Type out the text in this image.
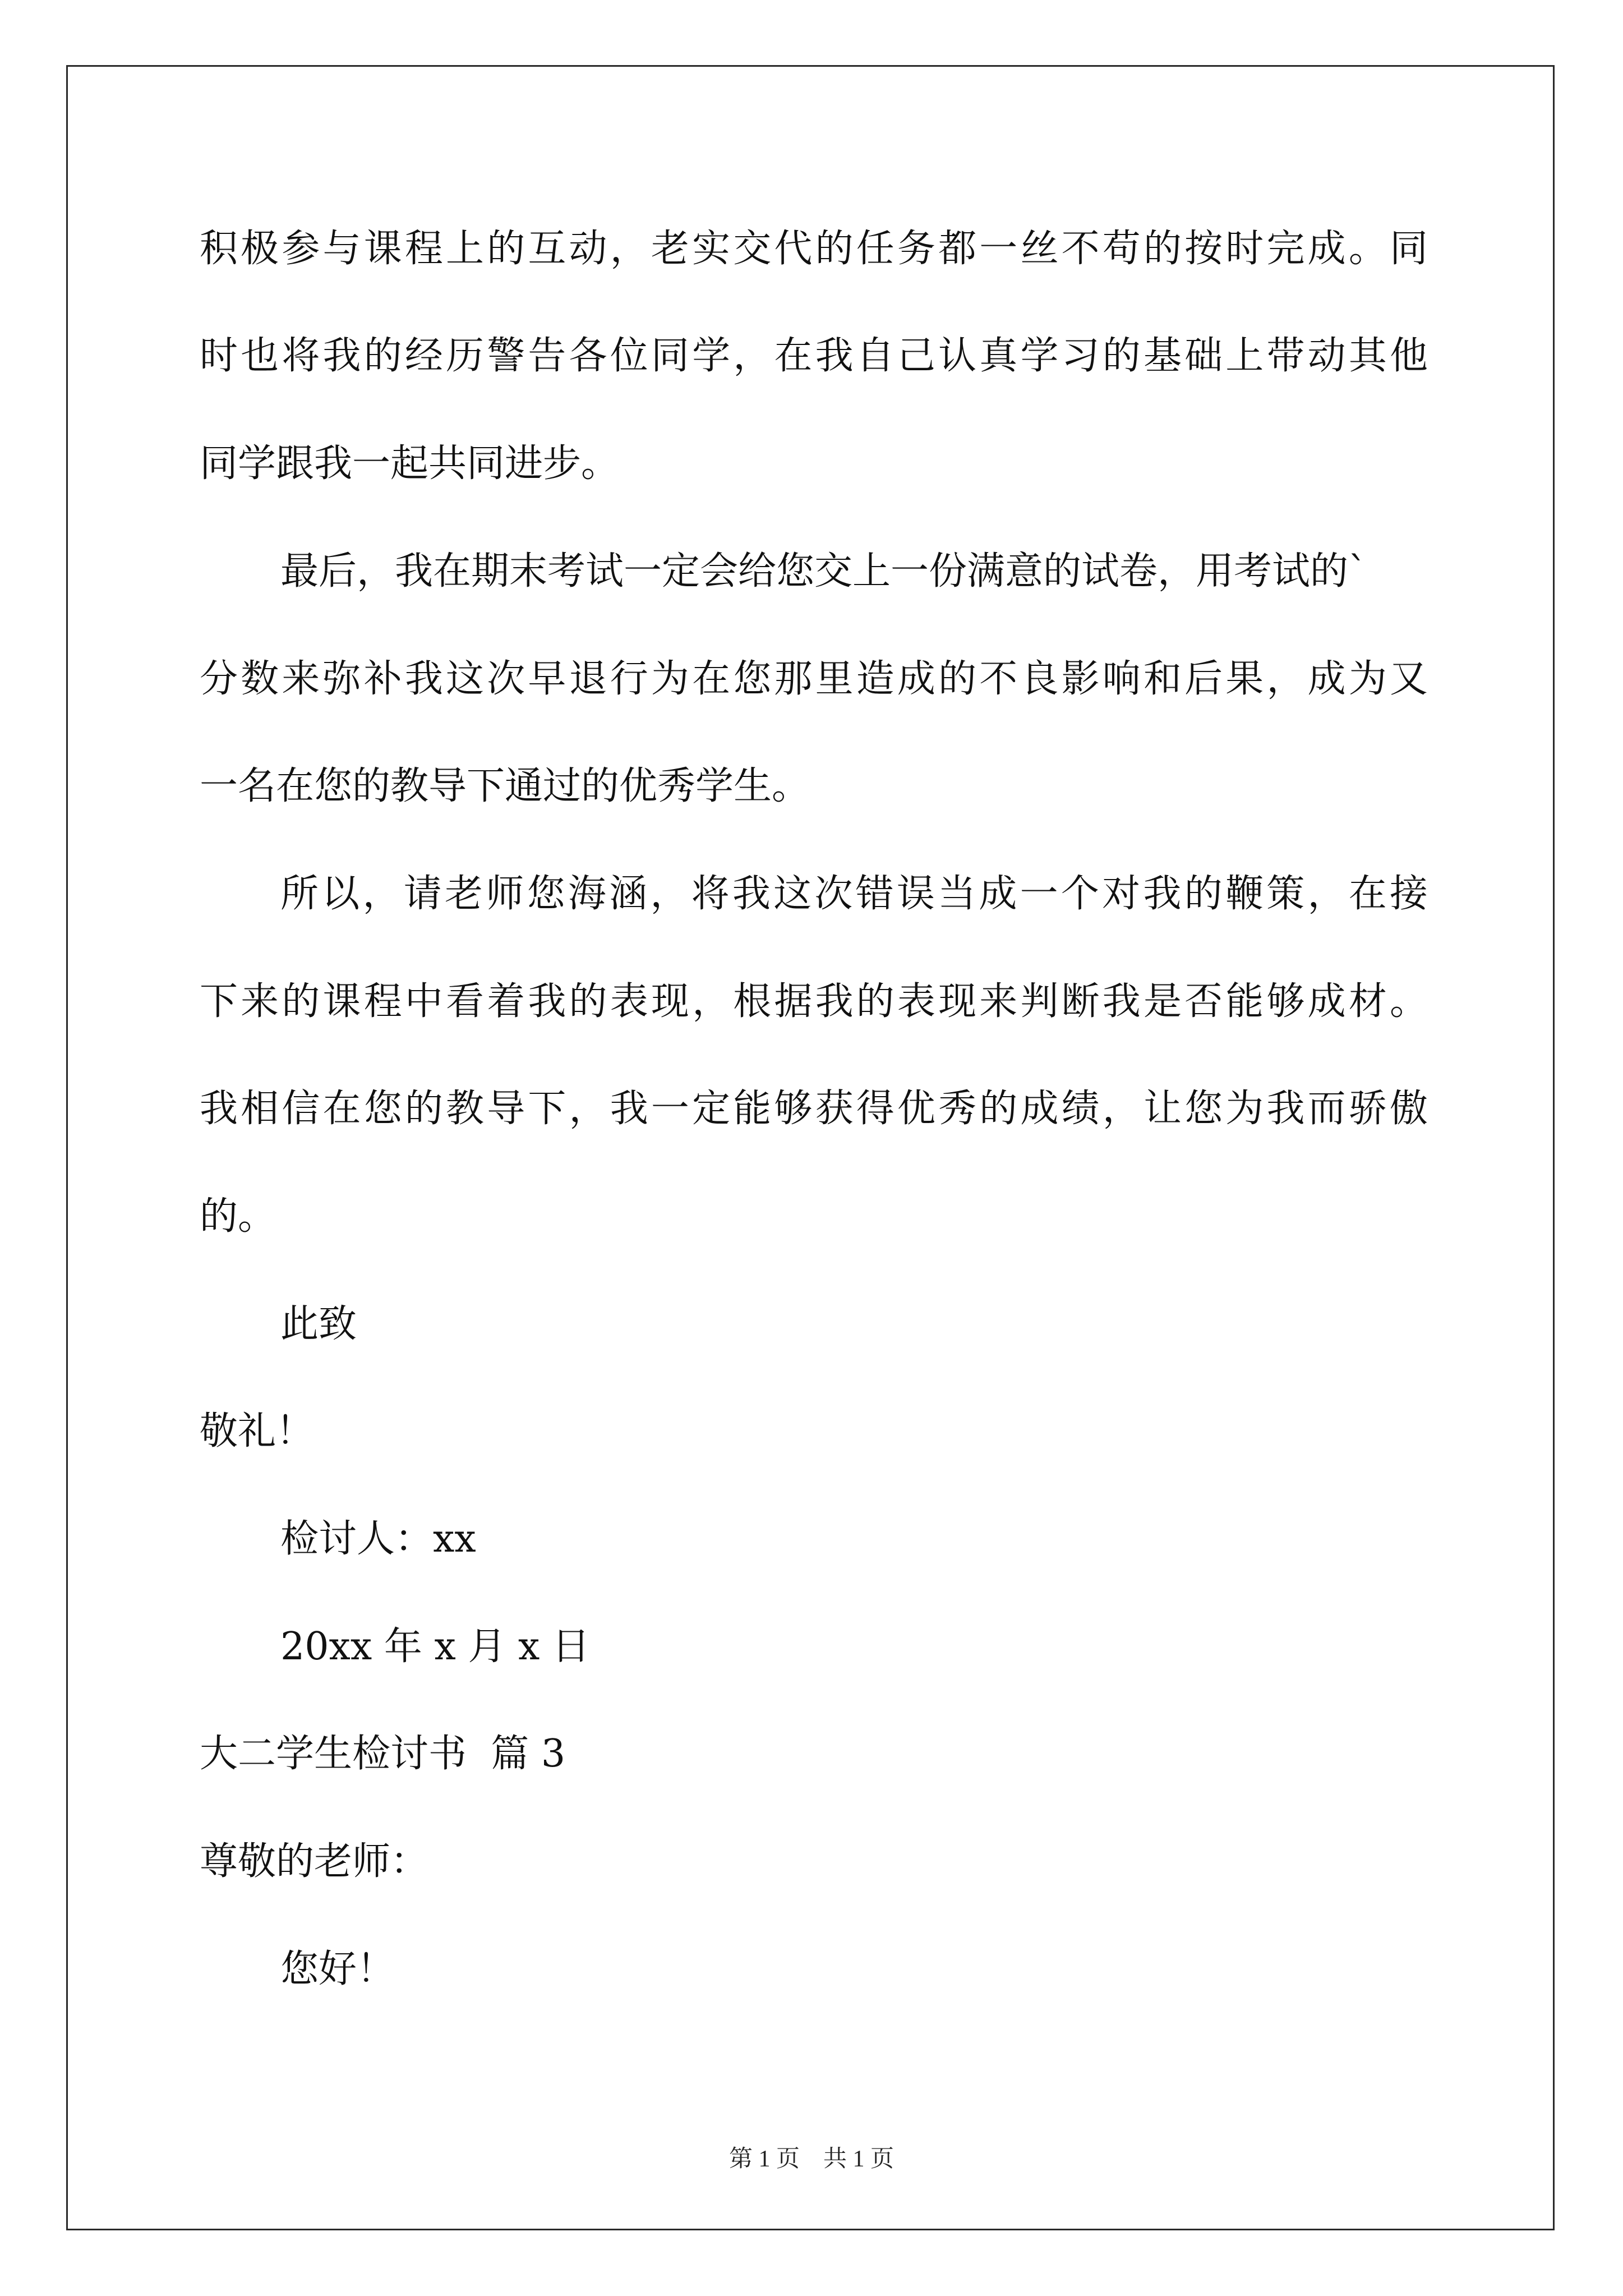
积极参与课程上的互动，老实交代的任务都一丝不苟的按时完成。同
时也将我的经历警告各位同学，在我自己认真学习的基础上带动其他
同学跟我一起共同进步。
最后，我在期末考试一定会给您交上一份满意的试卷，用考试的`
分数来弥补我这次早退行为在您那里造成的不良影响和后果，成为又
一名在您的教导下通过的优秀学生。
所以，请老师您海涵，将我这次错误当成一个对我的鞭策，在接
下来的课程中看着我的表现，根据我的表现来判断我是否能够成材。
我相信在您的教导下，我一定能够获得优秀的成绩，让您为我而骄傲
的。
此致
敬礼！
检讨人：xx
20xx 年 x 月 x 日
大二学生检讨书  篇 3
尊敬的老师：
您好！
第 1 页    共 1 页
